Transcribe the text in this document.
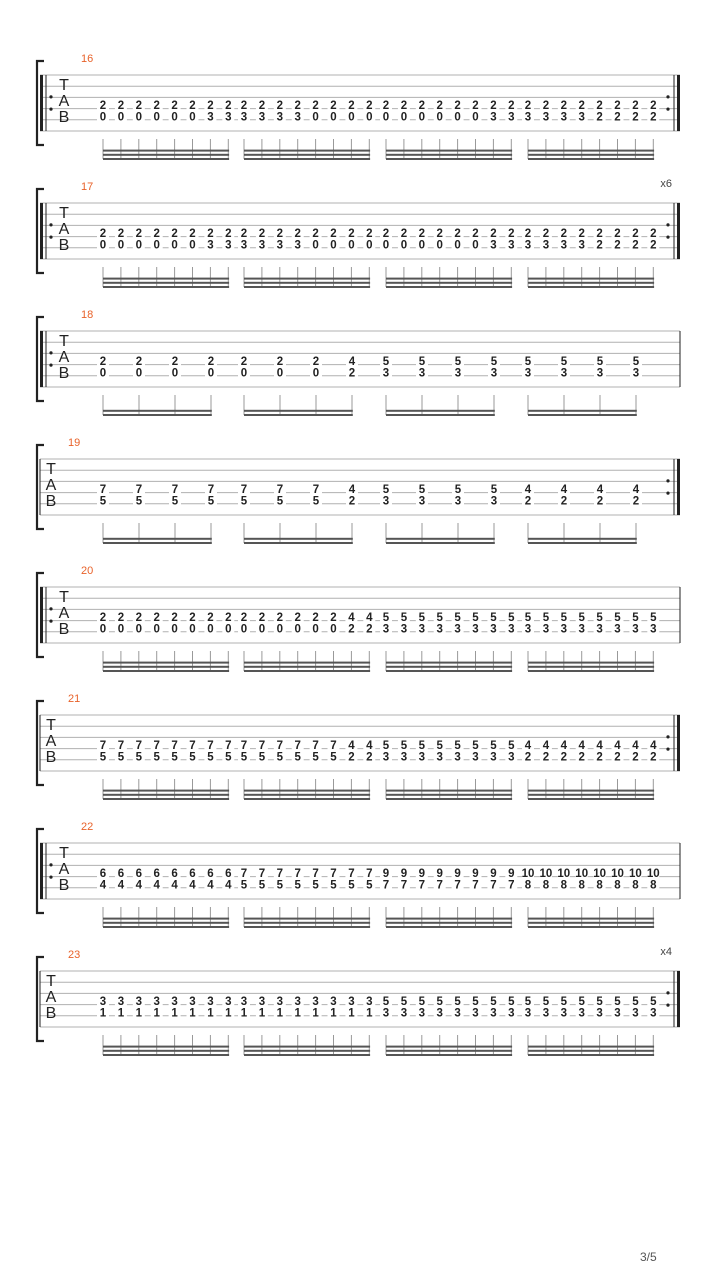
T
A
B
16
2
0
2
0
2
0
2
0
2
0
2
0
2
3
2
3
2
3
2
3
2
3
2
3
2
0
2
0
2
0
2
0
2
0
2
0
2
0
2
0
2
0
2
0
2
3
2
3
2
3
2
3
2
3
2
3
2
2
2
2
2
2
2
2
T
A
B
17	x6
2
0
2
0
2
0
2
0
2
0
2
0
2
3
2
3
2
3
2
3
2
3
2
3
2
0
2
0
2
0
2
0
2
0
2
0
2
0
2
0
2
0
2
0
2
3
2
3
2
3
2
3
2
3
2
3
2
2
2
2
2
2
2
2
T
A
B
18
2
0
2
0
2
0
2
0
2
0
2
0
2
0
4
2
5
3
5
3
5
3
5
3
5
3
5
3
5
3
5
3
T
A
B
19
7
5
7
5
7
5
7
5
7
5
7
5
7
5
4
2
5
3
5
3
5
3
5
3
4
2
4
2
4
2
4
2
T
A
B
20
2
0
2
0
2
0
2
0
2
0
2
0
2
0
2
0
2
0
2
0
2
0
2
0
2
0
2
0
4
2
4
2
5
3
5
3
5
3
5
3
5
3
5
3
5
3
5
3
5
3
5
3
5
3
5
3
5
3
5
3
5
3
5
3
T
A
B
21
7
5
7
5
7
5
7
5
7
5
7
5
7
5
7
5
7
5
7
5
7
5
7
5
7
5
7
5
4
2
4
2
5
3
5
3
5
3
5
3
5
3
5
3
5
3
5
3
4
2
4
2
4
2
4
2
4
2
4
2
4
2
4
2
T
A
B
22
6
4
6
4
6
4
6
4
6
4
6
4
6
4
6
4
7
5
7
5
7
5
7
5
7
5
7
5
7
5
7
5
9
7
9
7
9
7
9
7
9
7
9
7
9
7
9
7
10
8
10
8
10
8
10
8
10
8
10
8
10
8
10
8
T
A
B
23	x4
3
1
3
1
3
1
3
1
3
1
3
1
3
1
3
1
3
1
3
1
3
1
3
1
3
1
3
1
3
1
3
1
5
3
5
3
5
3
5
3
5
3
5
3
5
3
5
3
5
3
5
3
5
3
5
3
5
3
5
3
5
3
5
3
3/5
